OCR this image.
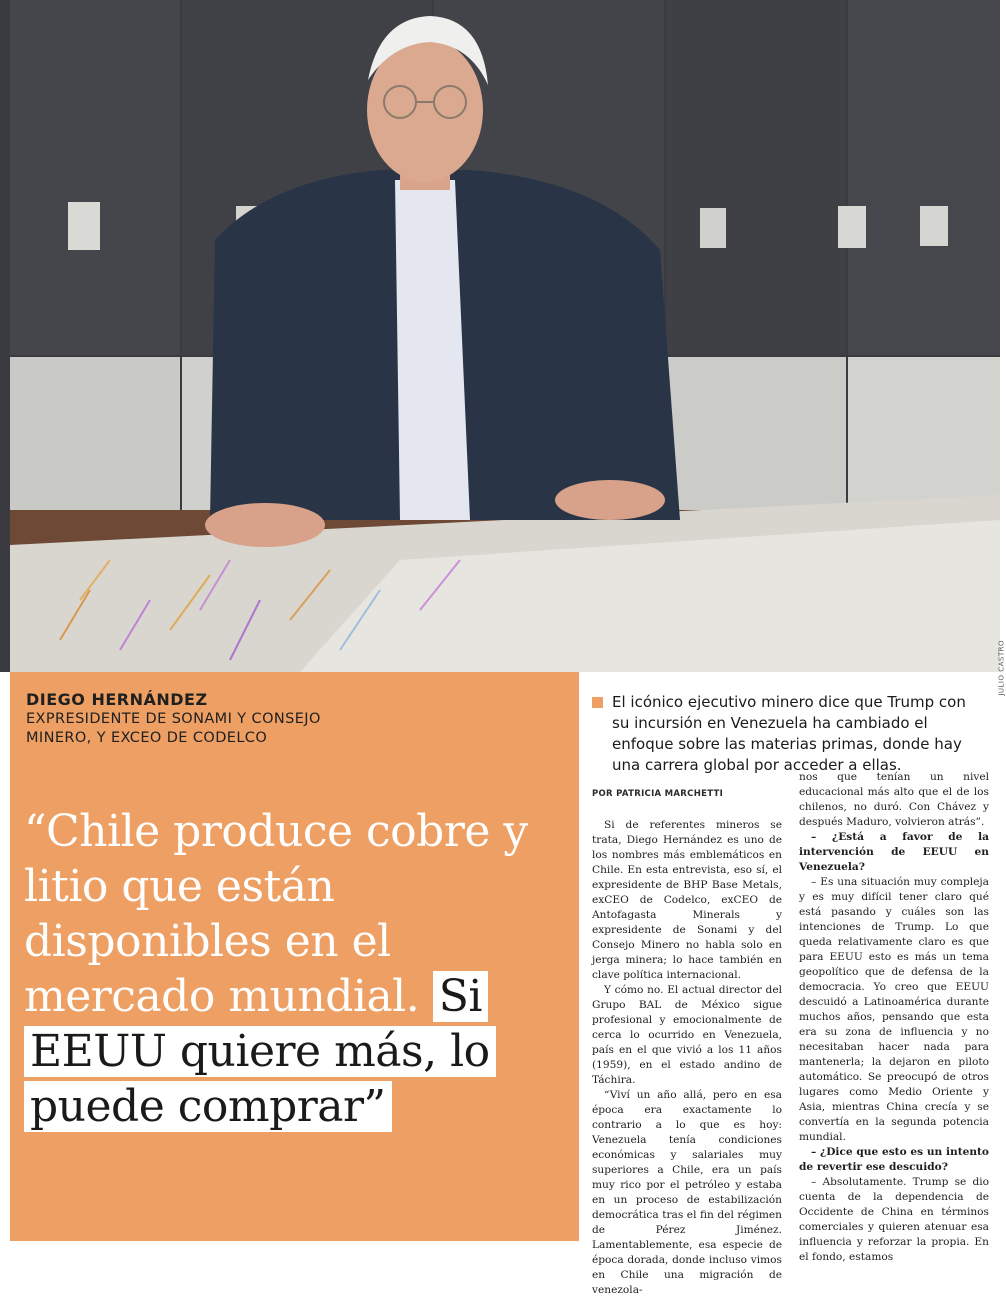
JULIO CASTRO
DIEGO HERNÁNDEZ

EXPRESIDENTE DE SONAMI Y CONSEJO MINERO, Y EXCEO DE CODELCO

“Chile produce cobre y litio que están disponibles en el mercado mundial. Si EEUU quiere más, lo puede comprar”

El icónico ejecutivo minero dice que Trump con su incursión en Venezuela ha cambiado el enfoque sobre las materias primas, donde hay una carrera global por acceder a ellas.

POR PATRICIA MARCHETTI

Si de referentes mineros se trata, Diego Hernández es uno de los nombres más emblemáticos en Chile. En esta entrevista, eso sí, el expresidente de BHP Base Metals, exCEO de Codelco, exCEO de Antofagasta Minerals y expresidente de Sonami y del Consejo Minero no habla solo en jerga minera; lo hace también en clave política internacional.

Y cómo no. El actual director del Grupo BAL de México sigue profesional y emocionalmente de cerca lo ocurrido en Venezuela, país en el que vivió a los 11 años (1959), en el estado andino de Táchira.

“Viví un año allá, pero en esa época era exactamente lo contrario a lo que es hoy: Venezuela tenía condiciones económicas y salariales muy superiores a Chile, era un país muy rico por el petróleo y estaba en un proceso de estabilización democrática tras el fin del régimen de Pérez Jiménez. Lamentablemente, esa especie de época dorada, donde incluso vimos en Chile una migración de venezola-

nos que tenían un nivel educacional más alto que el de los chilenos, no duró. Con Chávez y después Maduro, volvieron atrás”.

– ¿Está a favor de la intervención de EEUU en Venezuela?

– Es una situación muy compleja y es muy difícil tener claro qué está pasando y cuáles son las intenciones de Trump. Lo que queda relativamente claro es que para EEUU esto es más un tema geopolítico que de defensa de la democracia. Yo creo que EEUU descuidó a Latinoamérica durante muchos años, pensando que esta era su zona de influencia y no necesitaban hacer nada para mantenerla; la dejaron en piloto automático. Se preocupó de otros lugares como Medio Oriente y Asia, mientras China crecía y se convertía en la segunda potencia mundial.

– ¿Dice que esto es un intento de revertir ese descuido?

– Absolutamente. Trump se dio cuenta de la dependencia de Occidente de China en términos comerciales y quieren atenuar esa influencia y reforzar la propia. En el fondo, estamos
